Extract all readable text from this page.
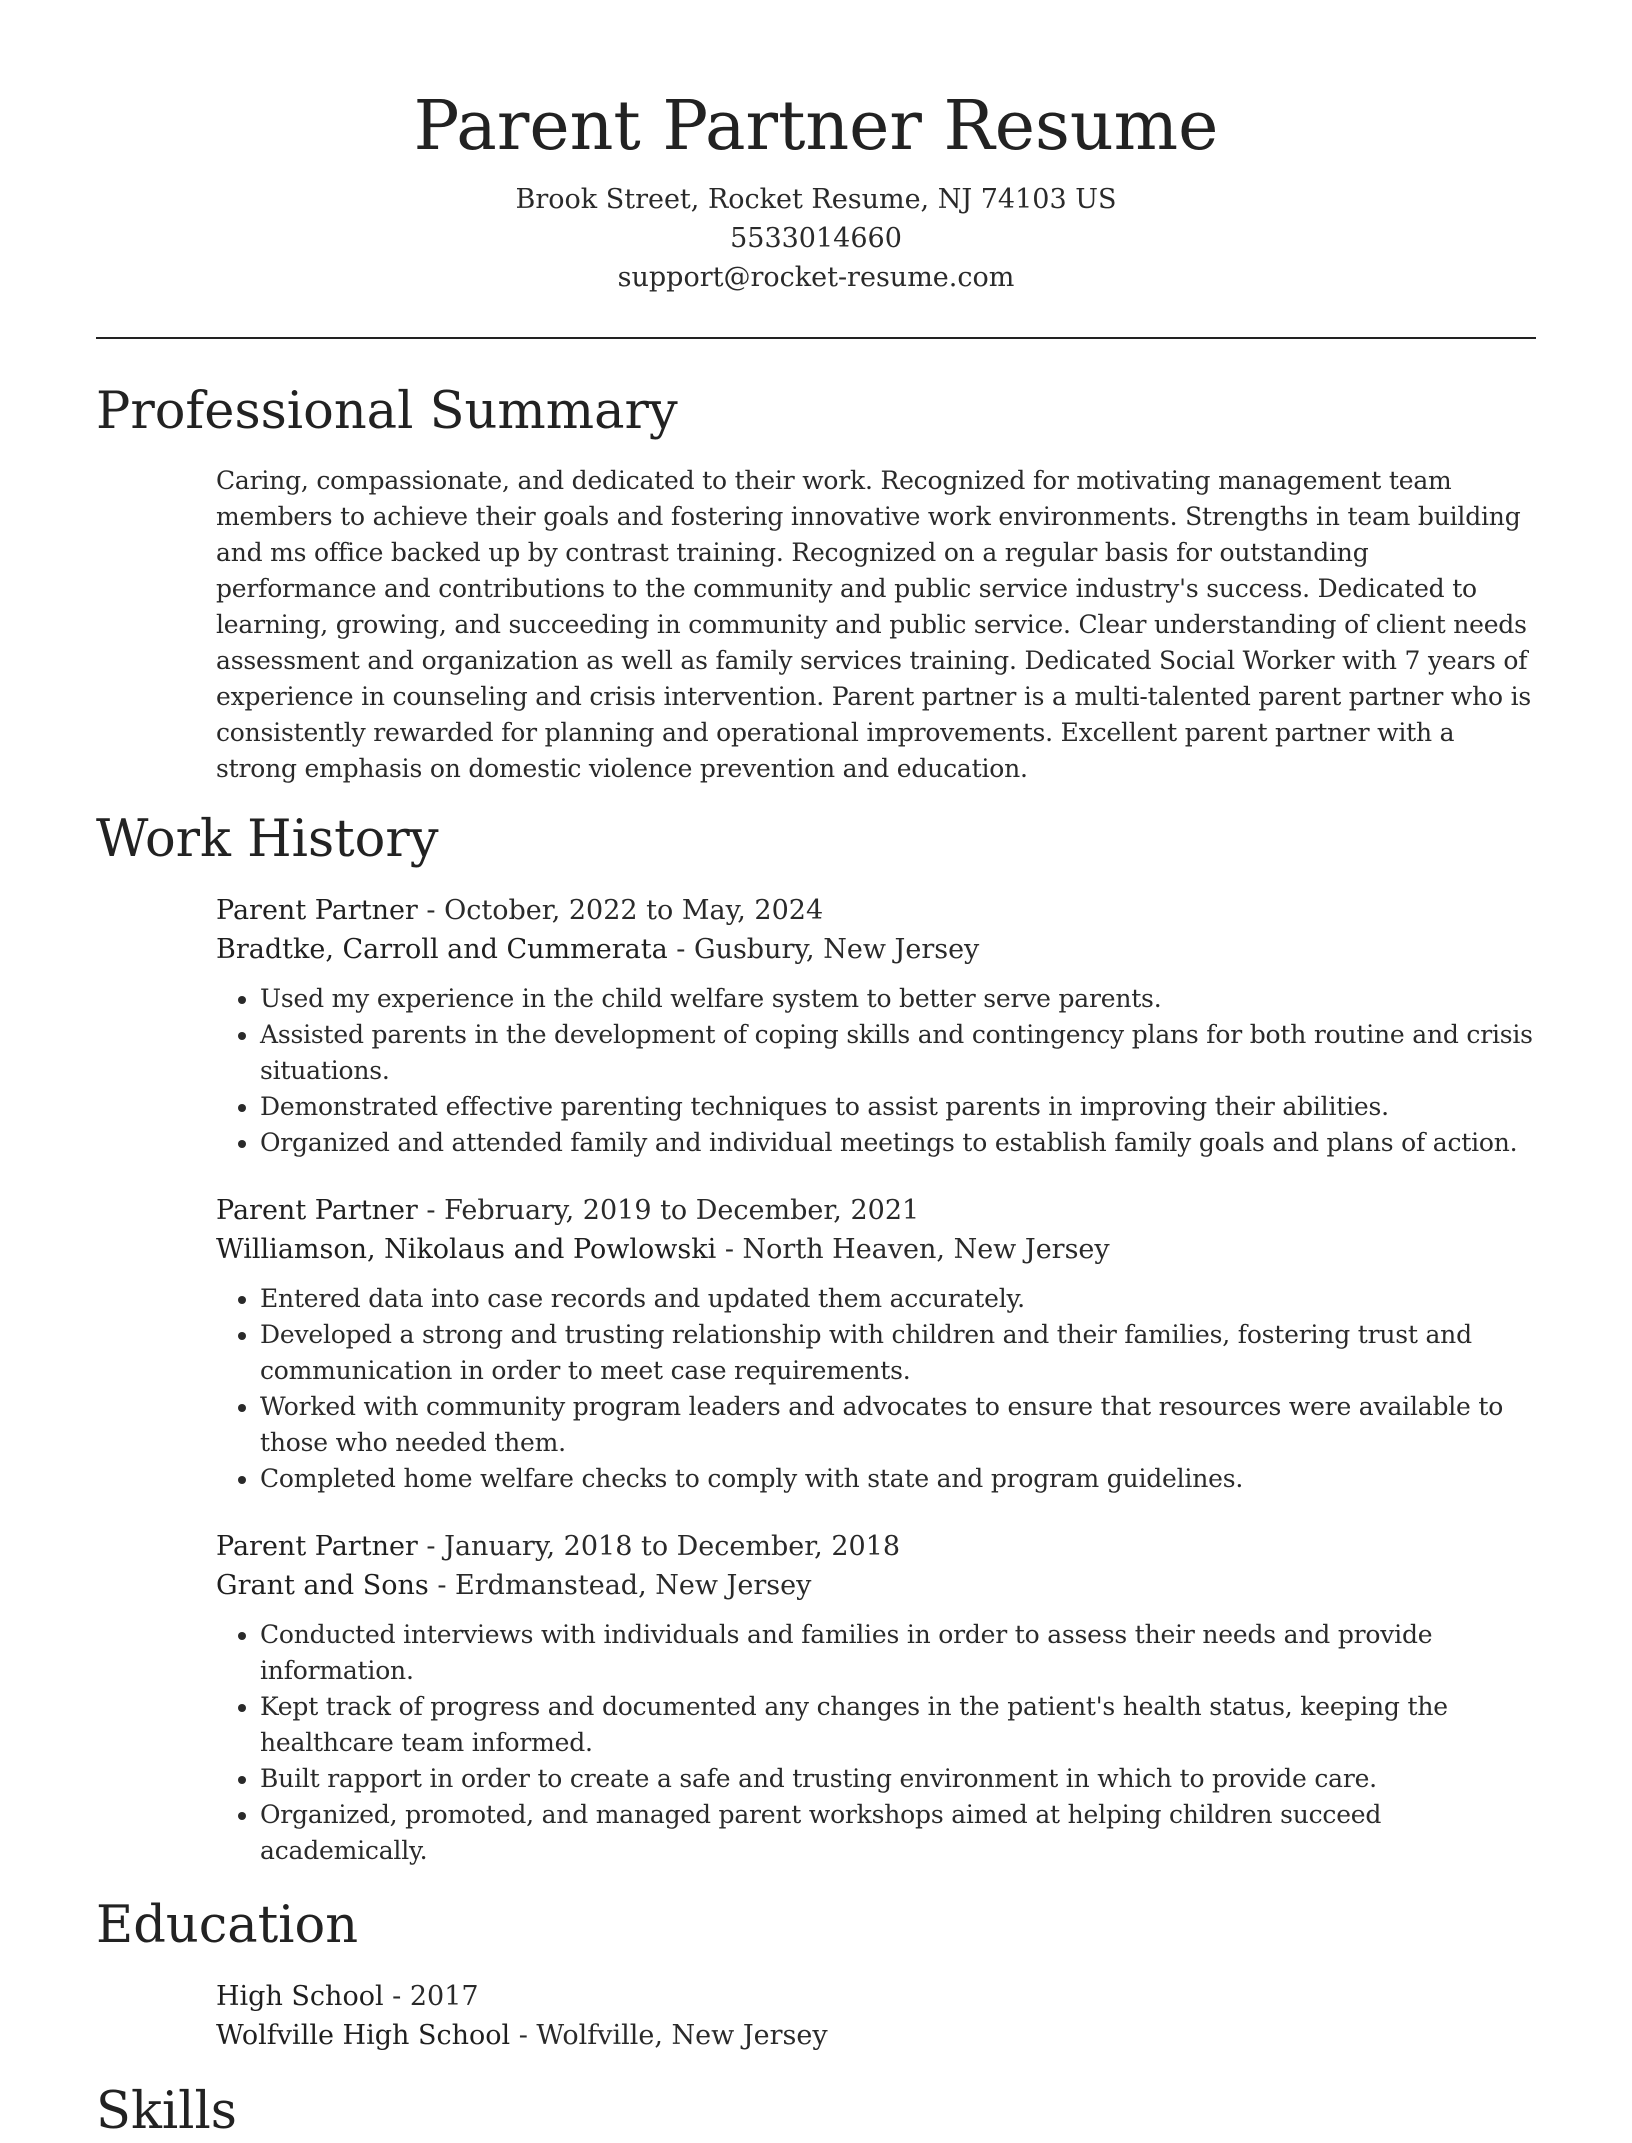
Parent Partner Resume
Brook Street, Rocket Resume, NJ 74103 US
5533014660
support@rocket-resume.com
Professional Summary
Caring, compassionate, and dedicated to their work. Recognized for motivating management team members to achieve their goals and fostering innovative work environments. Strengths in team building and ms office backed up by contrast training. Recognized on a regular basis for outstanding performance and contributions to the community and public service industry's success. Dedicated to learning, growing, and succeeding in community and public service. Clear understanding of client needs assessment and organization as well as family services training. Dedicated Social Worker with 7 years of experience in counseling and crisis intervention. Parent partner is a multi-talented parent partner who is consistently rewarded for planning and operational improvements. Excellent parent partner with a strong emphasis on domestic violence prevention and education.
Work History
Parent Partner - October, 2022 to May, 2024
Bradtke, Carroll and Cummerata - Gusbury, New Jersey
• Used my experience in the child welfare system to better serve parents.
• Assisted parents in the development of coping skills and contingency plans for both routine and crisis situations.
• Demonstrated effective parenting techniques to assist parents in improving their abilities.
• Organized and attended family and individual meetings to establish family goals and plans of action.
Parent Partner - February, 2019 to December, 2021
Williamson, Nikolaus and Powlowski - North Heaven, New Jersey
• Entered data into case records and updated them accurately.
• Developed a strong and trusting relationship with children and their families, fostering trust and communication in order to meet case requirements.
• Worked with community program leaders and advocates to ensure that resources were available to those who needed them.
• Completed home welfare checks to comply with state and program guidelines.
Parent Partner - January, 2018 to December, 2018
Grant and Sons - Erdmanstead, New Jersey
• Conducted interviews with individuals and families in order to assess their needs and provide information.
• Kept track of progress and documented any changes in the patient's health status, keeping the healthcare team informed.
• Built rapport in order to create a safe and trusting environment in which to provide care.
• Organized, promoted, and managed parent workshops aimed at helping children succeed academically.
Education
High School - 2017
Wolfville High School - Wolfville, New Jersey
Skills
